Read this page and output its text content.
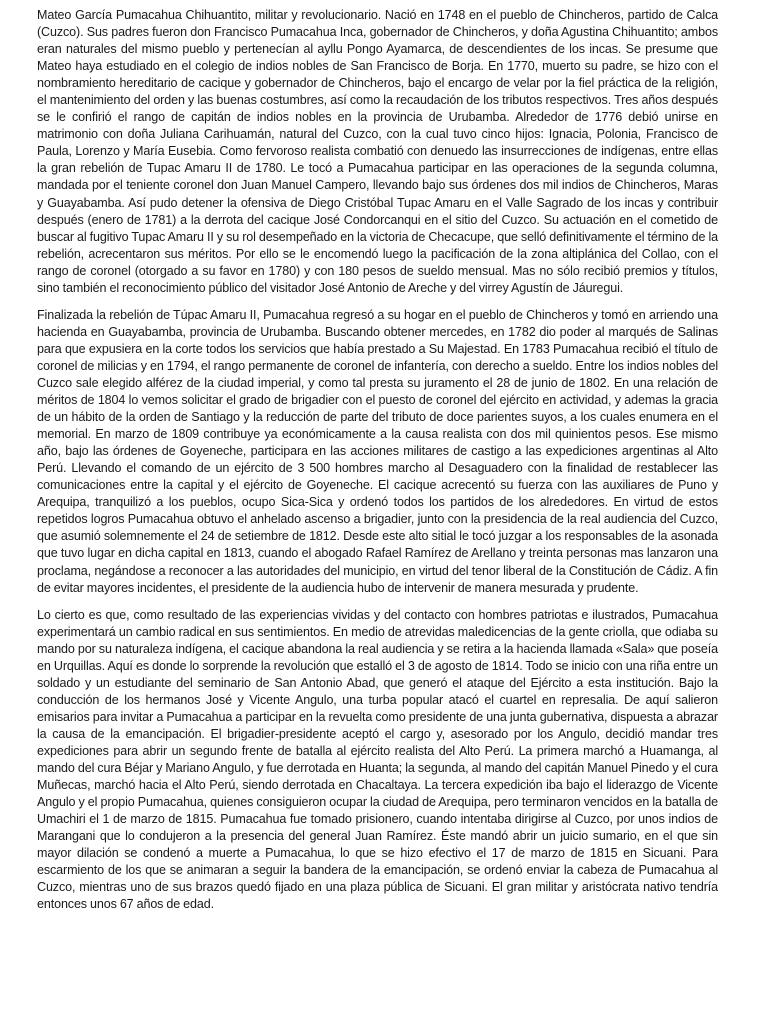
Mateo García Pumacahua Chihuantito, militar y revolucionario. Nació en 1748 en el pueblo de Chincheros, partido de Calca (Cuzco). Sus padres fueron don Francisco Pumacahua Inca, gobernador de Chincheros, y doña Agustina Chihuantito; ambos eran naturales del mismo pueblo y pertenecían al ayllu Pongo Ayamarca, de descendientes de los incas. Se presume que Mateo haya estudiado en el colegio de indios nobles de San Francisco de Borja. En 1770, muerto su padre, se hizo con el nombramiento hereditario de cacique y gobernador de Chincheros, bajo el encargo de velar por la fiel práctica de la religión, el mantenimiento del orden y las buenas costumbres, así como la recaudación de los tributos respectivos. Tres años después se le confirió el rango de capitán de indios nobles en la provincia de Urubamba. Alrededor de 1776 debió unirse en matrimonio con doña Juliana Carihuamán, natural del Cuzco, con la cual tuvo cinco hijos: Ignacia, Polonia, Francisco de Paula, Lorenzo y María Eusebia. Como fervoroso realista combatió con denuedo las insurrecciones de indígenas, entre ellas la gran rebelión de Tupac Amaru II de 1780. Le tocó a Pumacahua participar en las operaciones de la segunda columna, mandada por el teniente coronel don Juan Manuel Campero, llevando bajo sus órdenes dos mil indios de Chincheros, Maras y Guayabamba. Así pudo detener la ofensiva de Diego Cristóbal Tupac Amaru en el Valle Sagrado de los incas y contribuir después (enero de 1781) a la derrota del cacique José Condorcanqui en el sitio del Cuzco. Su actuación en el cometido de buscar al fugitivo Tupac Amaru II y su rol desempeñado en la victoria de Checacupe, que selló definitivamente el término de la rebelión, acrecentaron sus méritos. Por ello se le encomendó luego la pacificación de la zona altiplánica del Collao, con el rango de coronel (otorgado a su favor en 1780) y con 180 pesos de sueldo mensual. Mas no sólo recibió premios y títulos, sino también el reconocimiento público del visitador José Antonio de Areche y del virrey Agustín de Jáuregui.

Finalizada la rebelión de Túpac Amaru II, Pumacahua regresó a su hogar en el pueblo de Chincheros y tomó en arriendo una hacienda en Guayabamba, provincia de Urubamba. Buscando obtener mercedes, en 1782 dio poder al marqués de Salinas para que expusiera en la corte todos los servicios que había prestado a Su Majestad. En 1783 Pumacahua recibió el título de coronel de milicias y en 1794, el rango permanente de coronel de infantería, con derecho a sueldo. Entre los indios nobles del Cuzco sale elegido alférez de la ciudad imperial, y como tal presta su juramento el 28 de junio de 1802. En una relación de méritos de 1804 lo vemos solicitar el grado de brigadier con el puesto de coronel del ejército en actividad, y ademas la gracia de un hábito de la orden de Santiago y la reducción de parte del tributo de doce parientes suyos, a los cuales enumera en el memorial. En marzo de 1809 contribuye ya económicamente a la causa realista con dos mil quinientos pesos. Ese mismo año, bajo las órdenes de Goyeneche, participara en las acciones militares de castigo a las expediciones argentinas al Alto Perú. Llevando el comando de un ejército de 3 500 hombres marcho al Desaguadero con la finalidad de restablecer las comunicaciones entre la capital y el ejército de Goyeneche. El cacique acrecentó su fuerza con las auxiliares de Puno y Arequipa, tranquilizó a los pueblos, ocupo Sica-Sica y ordenó todos los partidos de los alrededores. En virtud de estos repetidos logros Pumacahua obtuvo el anhelado ascenso a brigadier, junto con la presidencia de la real audiencia del Cuzco, que asumió solemnemente el 24 de setiembre de 1812. Desde este alto sitial le tocó juzgar a los responsables de la asonada que tuvo lugar en dicha capital en 1813, cuando el abogado Rafael Ramírez de Arellano y treinta personas mas lanzaron una proclama, negándose a reconocer a las autoridades del municipio, en virtud del tenor liberal de la Constitución de Cádiz. A fin de evitar mayores incidentes, el presidente de la audiencia hubo de intervenir de manera mesurada y prudente.

Lo cierto es que, como resultado de las experiencias vividas y del contacto con hombres patriotas e ilustrados, Pumacahua experimentará un cambio radical en sus sentimientos. En medio de atrevidas maledicencias de la gente criolla, que odiaba su mando por su naturaleza indígena, el cacique abandona la real audiencia y se retira a la hacienda llamada «Sala» que poseía en Urquillas. Aquí es donde lo sorprende la revolución que estalló el 3 de agosto de 1814. Todo se inicio con una riña entre un soldado y un estudiante del seminario de San Antonio Abad, que generó el ataque del Ejército a esta institución. Bajo la conducción de los hermanos José y Vicente Angulo, una turba popular atacó el cuartel en represalia. De aquí salieron emisarios para invitar a Pumacahua a participar en la revuelta como presidente de una junta gubernativa, dispuesta a abrazar la causa de la emancipación. El brigadier-presidente aceptó el cargo y, asesorado por los Angulo, decidió mandar tres expediciones para abrir un segundo frente de batalla al ejército realista del Alto Perú. La primera marchó a Huamanga, al mando del cura Béjar y Mariano Angulo, y fue derrotada en Huanta; la segunda, al mando del capitán Manuel Pinedo y el cura Muñecas, marchó hacia el Alto Perú, siendo derrotada en Chacaltaya. La tercera expedición iba bajo el liderazgo de Vicente Angulo y el propio Pumacahua, quienes consiguieron ocupar la ciudad de Arequipa, pero terminaron vencidos en la batalla de Umachiri el 1 de marzo de 1815. Pumacahua fue tomado prisionero, cuando intentaba dirigirse al Cuzco, por unos indios de Marangani que lo condujeron a la presencia del general Juan Ramírez. Éste mandó abrir un juicio sumario, en el que sin mayor dilación se condenó a muerte a Pumacahua, lo que se hizo efectivo el 17 de marzo de 1815 en Sicuani. Para escarmiento de los que se animaran a seguir la bandera de la emancipación, se ordenó enviar la cabeza de Pumacahua al Cuzco, mientras uno de sus brazos quedó fijado en una plaza pública de Sicuani. El gran militar y aristócrata nativo tendría entonces unos 67 años de edad.
